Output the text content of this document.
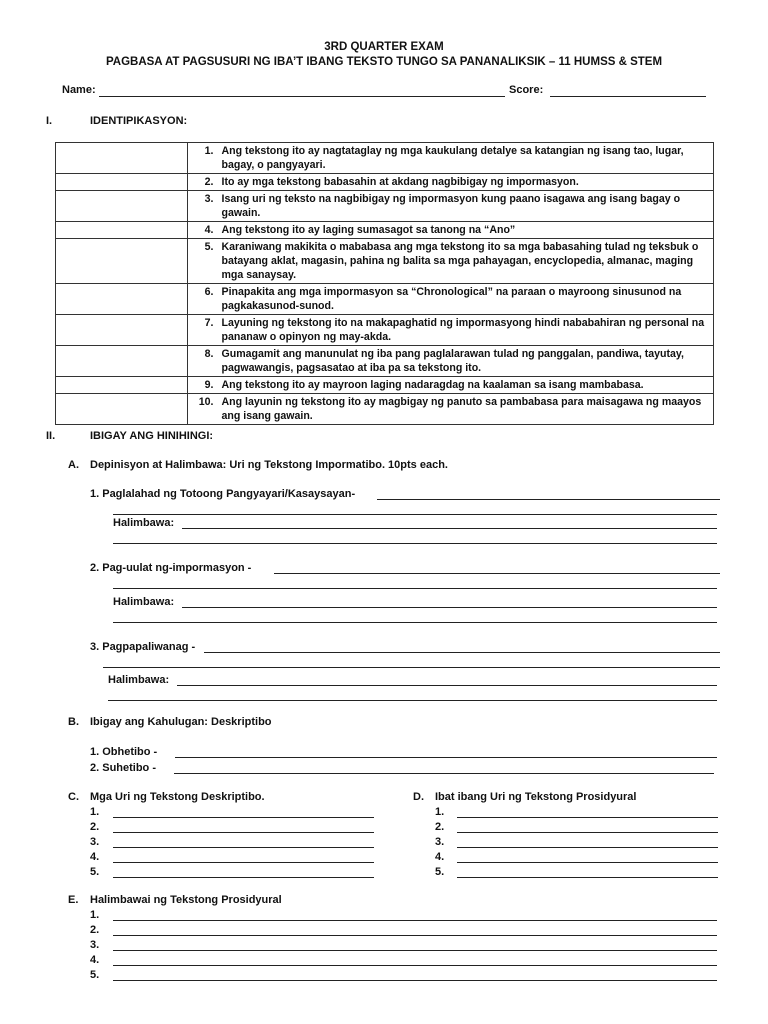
3RD QUARTER EXAM
PAGBASA AT PAGSUSURI NG IBA’T IBANG TEKSTO TUNGO SA PANANALIKSIK – 11 HUMSS & STEM
Name:	Score:
I.	IDENTIPIKASYON:
	1.	Ang tekstong ito ay nagtataglay ng mga kaukulang detalye sa katangian ng isang tao, lugar, bagay, o pangyayari.
	2.	Ito ay mga tekstong babasahin at akdang nagbibigay ng impormasyon.
	3.	Isang uri ng teksto na nagbibigay ng impormasyon kung paano isagawa ang isang bagay o gawain.
	4.	Ang tekstong ito ay laging sumasagot sa tanong na “Ano”
	5.	Karaniwang makikita o mababasa ang mga tekstong ito sa mga babasahing tulad ng teksbuk o batayang aklat, magasin, pahina ng balita sa mga pahayagan, encyclopedia, almanac, maging mga sanaysay.
	6.	Pinapakita ang mga impormasyon sa “Chronological” na paraan o mayroong sinusunod na pagkakasunod-sunod.
	7.	Layuning ng tekstong ito na makapaghatid ng impormasyong hindi nababahiran ng personal na pananaw o opinyon ng may-akda.
	8.	Gumagamit ang manunulat ng iba pang paglalarawan tulad ng panggalan, pandiwa, tayutay, pagwawangis, pagsasatao at iba pa sa tekstong ito.
	9.	Ang tekstong ito ay mayroon laging nadaragdag na kaalaman sa isang mambabasa.
	10.	Ang layunin ng tekstong ito ay magbigay ng panuto sa pambabasa para maisagawa ng maayos ang isang gawain.
II.	IBIGAY ANG HINIHINGI:
A. Depinisyon at Halimbawa: Uri ng Tekstong Impormatibo. 10pts each.
1. Paglalahad ng Totoong Pangyayari/Kasaysayan-
Halimbawa:
2. Pag-uulat ng-impormasyon -
Halimbawa:
3. Pagpapaliwanag -
Halimbawa:
B. Ibigay ang Kahulugan: Deskriptibo
1. Obhetibo -
2. Suhetibo -
C. Mga Uri ng Tekstong Deskriptibo.
1.
2.
3.
4.
5.
D. Ibat ibang Uri ng Tekstong Prosidyural
1.
2.
3.
4.
5.
E. Halimbawai ng Tekstong Prosidyural
1.
2.
3.
4.
5.
